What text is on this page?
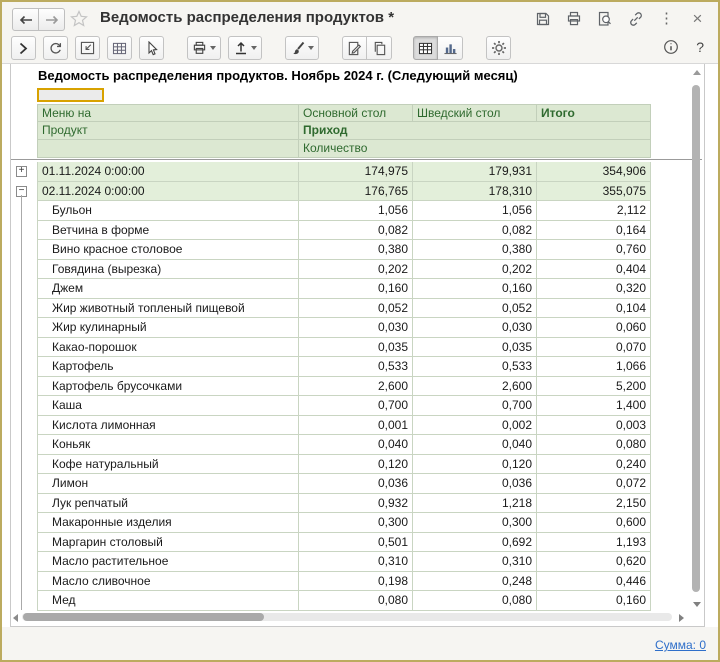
Ведомость распределения продуктов *	⋮ ×
?
Ведомость распределения продуктов. Ноябрь 2024 г. (Следующий месяц)
Меню на	Основной стол	Шведский стол	Итого
Продукт	Приход
Количество
+	01.11.2024 0:00:00	174,975	179,931	354,906
−	02.11.2024 0:00:00	176,765	178,310	355,075
Бульон	1,056	1,056	2,112
Ветчина в форме	0,082	0,082	0,164
Вино красное столовое	0,380	0,380	0,760
Говядина (вырезка)	0,202	0,202	0,404
Джем	0,160	0,160	0,320
Жир животный топленый пищевой	0,052	0,052	0,104
Жир кулинарный	0,030	0,030	0,060
Какао-порошок	0,035	0,035	0,070
Картофель	0,533	0,533	1,066
Картофель брусочками	2,600	2,600	5,200
Каша	0,700	0,700	1,400
Кислота лимонная	0,001	0,002	0,003
Коньяк	0,040	0,040	0,080
Кофе натуральный	0,120	0,120	0,240
Лимон	0,036	0,036	0,072
Лук репчатый	0,932	1,218	2,150
Макаронные изделия	0,300	0,300	0,600
Маргарин столовый	0,501	0,692	1,193
Масло растительное	0,310	0,310	0,620
Масло сливочное	0,198	0,248	0,446
Мед	0,080	0,080	0,160
Сумма: 0
